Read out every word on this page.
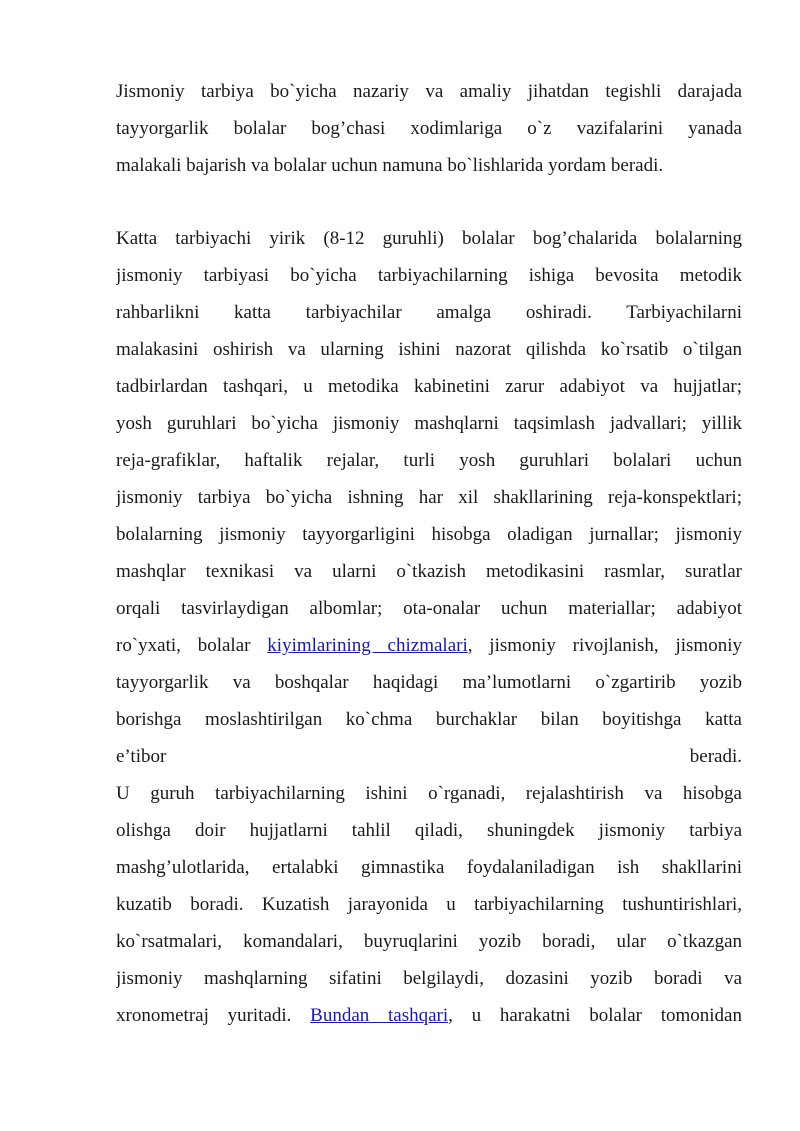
Jismoniy tarbiya bo`yicha nazariy va amaliy jihatdan tegishli darajada
tayyorgarlik bolalar bog’chasi xodimlariga o`z vazifalarini yanada
malakali bajarish va bolalar uchun namuna bo`lishlarida yordam beradi.
Katta tarbiyachi yirik (8-12 guruhli) bolalar bog’chalarida bolalarning
jismoniy tarbiyasi bo`yicha tarbiyachilarning ishiga bevosita metodik
rahbarlikni katta tarbiyachilar amalga oshiradi. Tarbiyachilarni
malakasini oshirish va ularning ishini nazorat qilishda ko`rsatib o`tilgan
tadbirlardan tashqari, u metodika kabinetini zarur adabiyot va hujjatlar;
yosh guruhlari bo`yicha jismoniy mashqlarni taqsimlash jadvallari; yillik
reja-grafiklar, haftalik rejalar, turli yosh guruhlari bolalari uchun
jismoniy tarbiya bo`yicha ishning har xil shakllarining reja-konspektlari;
bolalarning jismoniy tayyorgarligini hisobga oladigan jurnallar; jismoniy
mashqlar texnikasi va ularni o`tkazish metodikasini rasmlar, suratlar
orqali tasvirlaydigan albomlar; ota-onalar uchun materiallar; adabiyot
ro`yxati, bolalar kiyimlarining chizmalari, jismoniy rivojlanish, jismoniy
tayyorgarlik va boshqalar haqidagi ma’lumotlarni o`zgartirib yozib
borishga moslashtirilgan ko`chma burchaklar bilan boyitishga katta
e’tibor beradi.
U guruh tarbiyachilarning ishini o`rganadi, rejalashtirish va hisobga
olishga doir hujjatlarni tahlil qiladi, shuningdek jismoniy tarbiya
mashg’ulotlarida, ertalabki gimnastika foydalaniladigan ish shakllarini
kuzatib boradi. Kuzatish jarayonida u tarbiyachilarning tushuntirishlari,
ko`rsatmalari, komandalari, buyruqlarini yozib boradi, ular o`tkazgan
jismoniy mashqlarning sifatini belgilaydi, dozasini yozib boradi va
xronometraj yuritadi. Bundan tashqari, u harakatni bolalar tomonidan
